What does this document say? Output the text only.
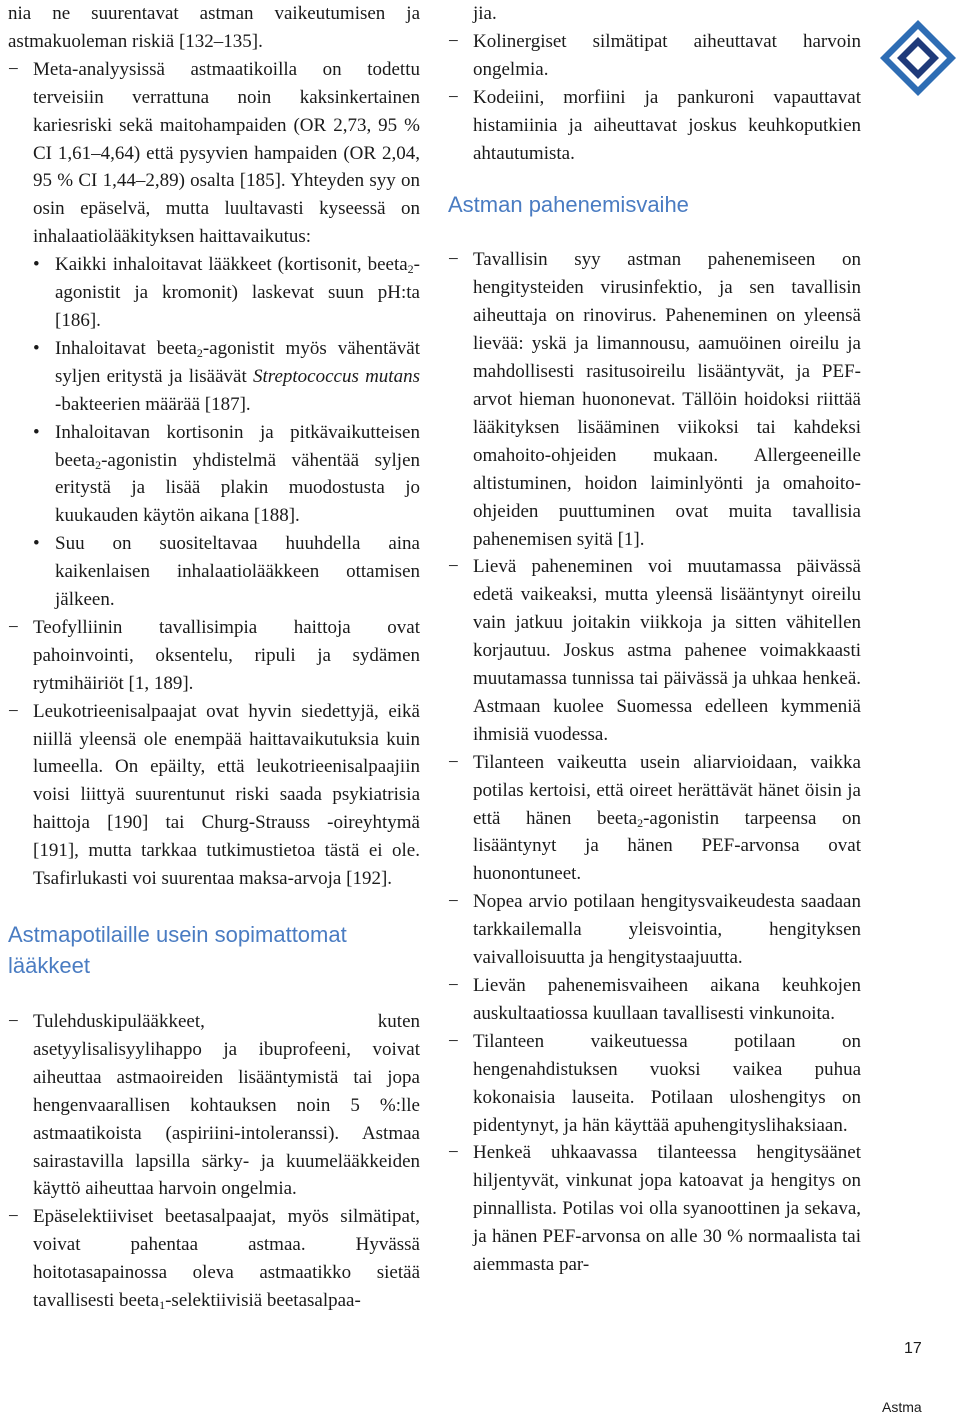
nia ne suurentavat astman vaikeutumisen ja astmakuoleman riskiä [132–135].

− Meta-analyysissä astmaatikoilla on todettu terveisiin verrattuna noin kaksinkertainen kariesriski sekä maitohampaiden (OR 2,73, 95 % CI 1,61–4,64) että pysyvien hampaiden (OR 2,04, 95 % CI 1,44–2,89) osalta [185]. Yhteyden syy on osin epäselvä, mutta luultavasti kyseessä on inhalaatiolääkityksen haittavaikutus:
• Kaikki inhaloitavat lääkkeet (kortisonit, beeta$_2$-agonistit ja kromonit) laskevat suun pH:ta [186].
• Inhaloitavat beeta$_2$-agonistit myös vähentävät syljen eritystä ja lisäävät Streptococcus mutans -bakteerien määrää [187].
• Inhaloitavan kortisonin ja pitkävaikutteisen beeta$_2$-agonistin yhdistelmä vähentää syljen eritystä ja lisää plakin muodostusta jo kuukauden käytön aikana [188].
• Suu on suositeltavaa huuhdella aina kaikenlaisen inhalaatiolääkkeen ottamisen jälkeen.
− Teofylliinin tavallisimpia haittoja ovat pahoinvointi, oksentelu, ripuli ja sydämen rytmihäiriöt [1, 189].
− Leukotrieenisalpaajat ovat hyvin siedettyjä, eikä niillä yleensä ole enempää haittavaikutuksia kuin lumeella. On epäilty, että leukotrieenisalpaajiin voisi liittyä suurentunut riski saada psykiatrisia haittoja [190] tai Churg-Strauss -oireyhtymä [191], mutta tarkkaa tutkimustietoa tästä ei ole. Tsafirlukasti voi suurentaa maksa-arvoja [192].
Astmapotilaille usein sopimattomat lääkkeet
− Tulehduskipulääkkeet, kuten asetyylisalisyylihappo ja ibuprofeeni, voivat aiheuttaa astmaoireiden lisääntymistä tai jopa hengenvaarallisen kohtauksen noin 5 %:lle astmaatikoista (aspiriini-intoleranssi). Astmaa sairastavilla lapsilla särky- ja kuumelääkkeiden käyttö aiheuttaa harvoin ongelmia.
− Epäselektiiviset beetasalpaajat, myös silmätipat, voivat pahentaa astmaa. Hyvässä hoitotasapainossa oleva astmaatikko sietää tavallisesti beeta$_1$-selektiivisiä beetasalpaa-

jia.

− Kolinergiset silmätipat aiheuttavat harvoin ongelmia.
− Kodeiini, morfiini ja pankuroni vapauttavat histamiinia ja aiheuttavat joskus keuhkoputkien ahtautumista.
Astman pahenemisvaihe
− Tavallisin syy astman pahenemiseen on hengitysteiden virusinfektio, ja sen tavallisin aiheuttaja on rinovirus. Paheneminen on yleensä lievää: yskä ja limannousu, aamuöinen oireilu ja mahdollisesti rasitusoireilu lisääntyvät, ja PEF-arvot hieman huononevat. Tällöin hoidoksi riittää lääkityksen lisääminen viikoksi tai kahdeksi omahoito-ohjeiden mukaan. Allergeeneille altistuminen, hoidon laiminlyönti ja omahoito-ohjeiden puuttuminen ovat muita tavallisia pahenemisen syitä [1].
− Lievä paheneminen voi muutamassa päivässä edetä vaikeaksi, mutta yleensä lisääntynyt oireilu vain jatkuu joitakin viikkoja ja sitten vähitellen korjautuu. Joskus astma pahenee voimakkaasti muutamassa tunnissa tai päivässä ja uhkaa henkeä. Astmaan kuolee Suomessa edelleen kymmeniä ihmisiä vuodessa.
− Tilanteen vaikeutta usein aliarvioidaan, vaikka potilas kertoisi, että oireet herättävät hänet öisin ja että hänen beeta$_2$-agonistin tarpeensa on lisääntynyt ja hänen PEF-arvonsa ovat huonontuneet.
− Nopea arvio potilaan hengitysvaikeudesta saadaan tarkkailemalla yleisvointia, hengityksen vaivalloisuutta ja hengitystaajuutta.
− Lievän pahenemisvaiheen aikana keuhkojen auskultaatiossa kuullaan tavallisesti vinkunoita.
− Tilanteen vaikeutuessa potilaan on hengenahdistuksen vuoksi vaikea puhua kokonaisia lauseita. Potilaan uloshengitys on pidentynyt, ja hän käyttää apuhengityslihaksiaan.
− Henkeä uhkaavassa tilanteessa hengitysäänet hiljentyvät, vinkunat jopa katoavat ja hengitys on pinnallista. Potilas voi olla syanoottinen ja sekava, ja hänen PEF-arvonsa on alle 30 % normaalista tai aiemmasta par-
17
Astma
